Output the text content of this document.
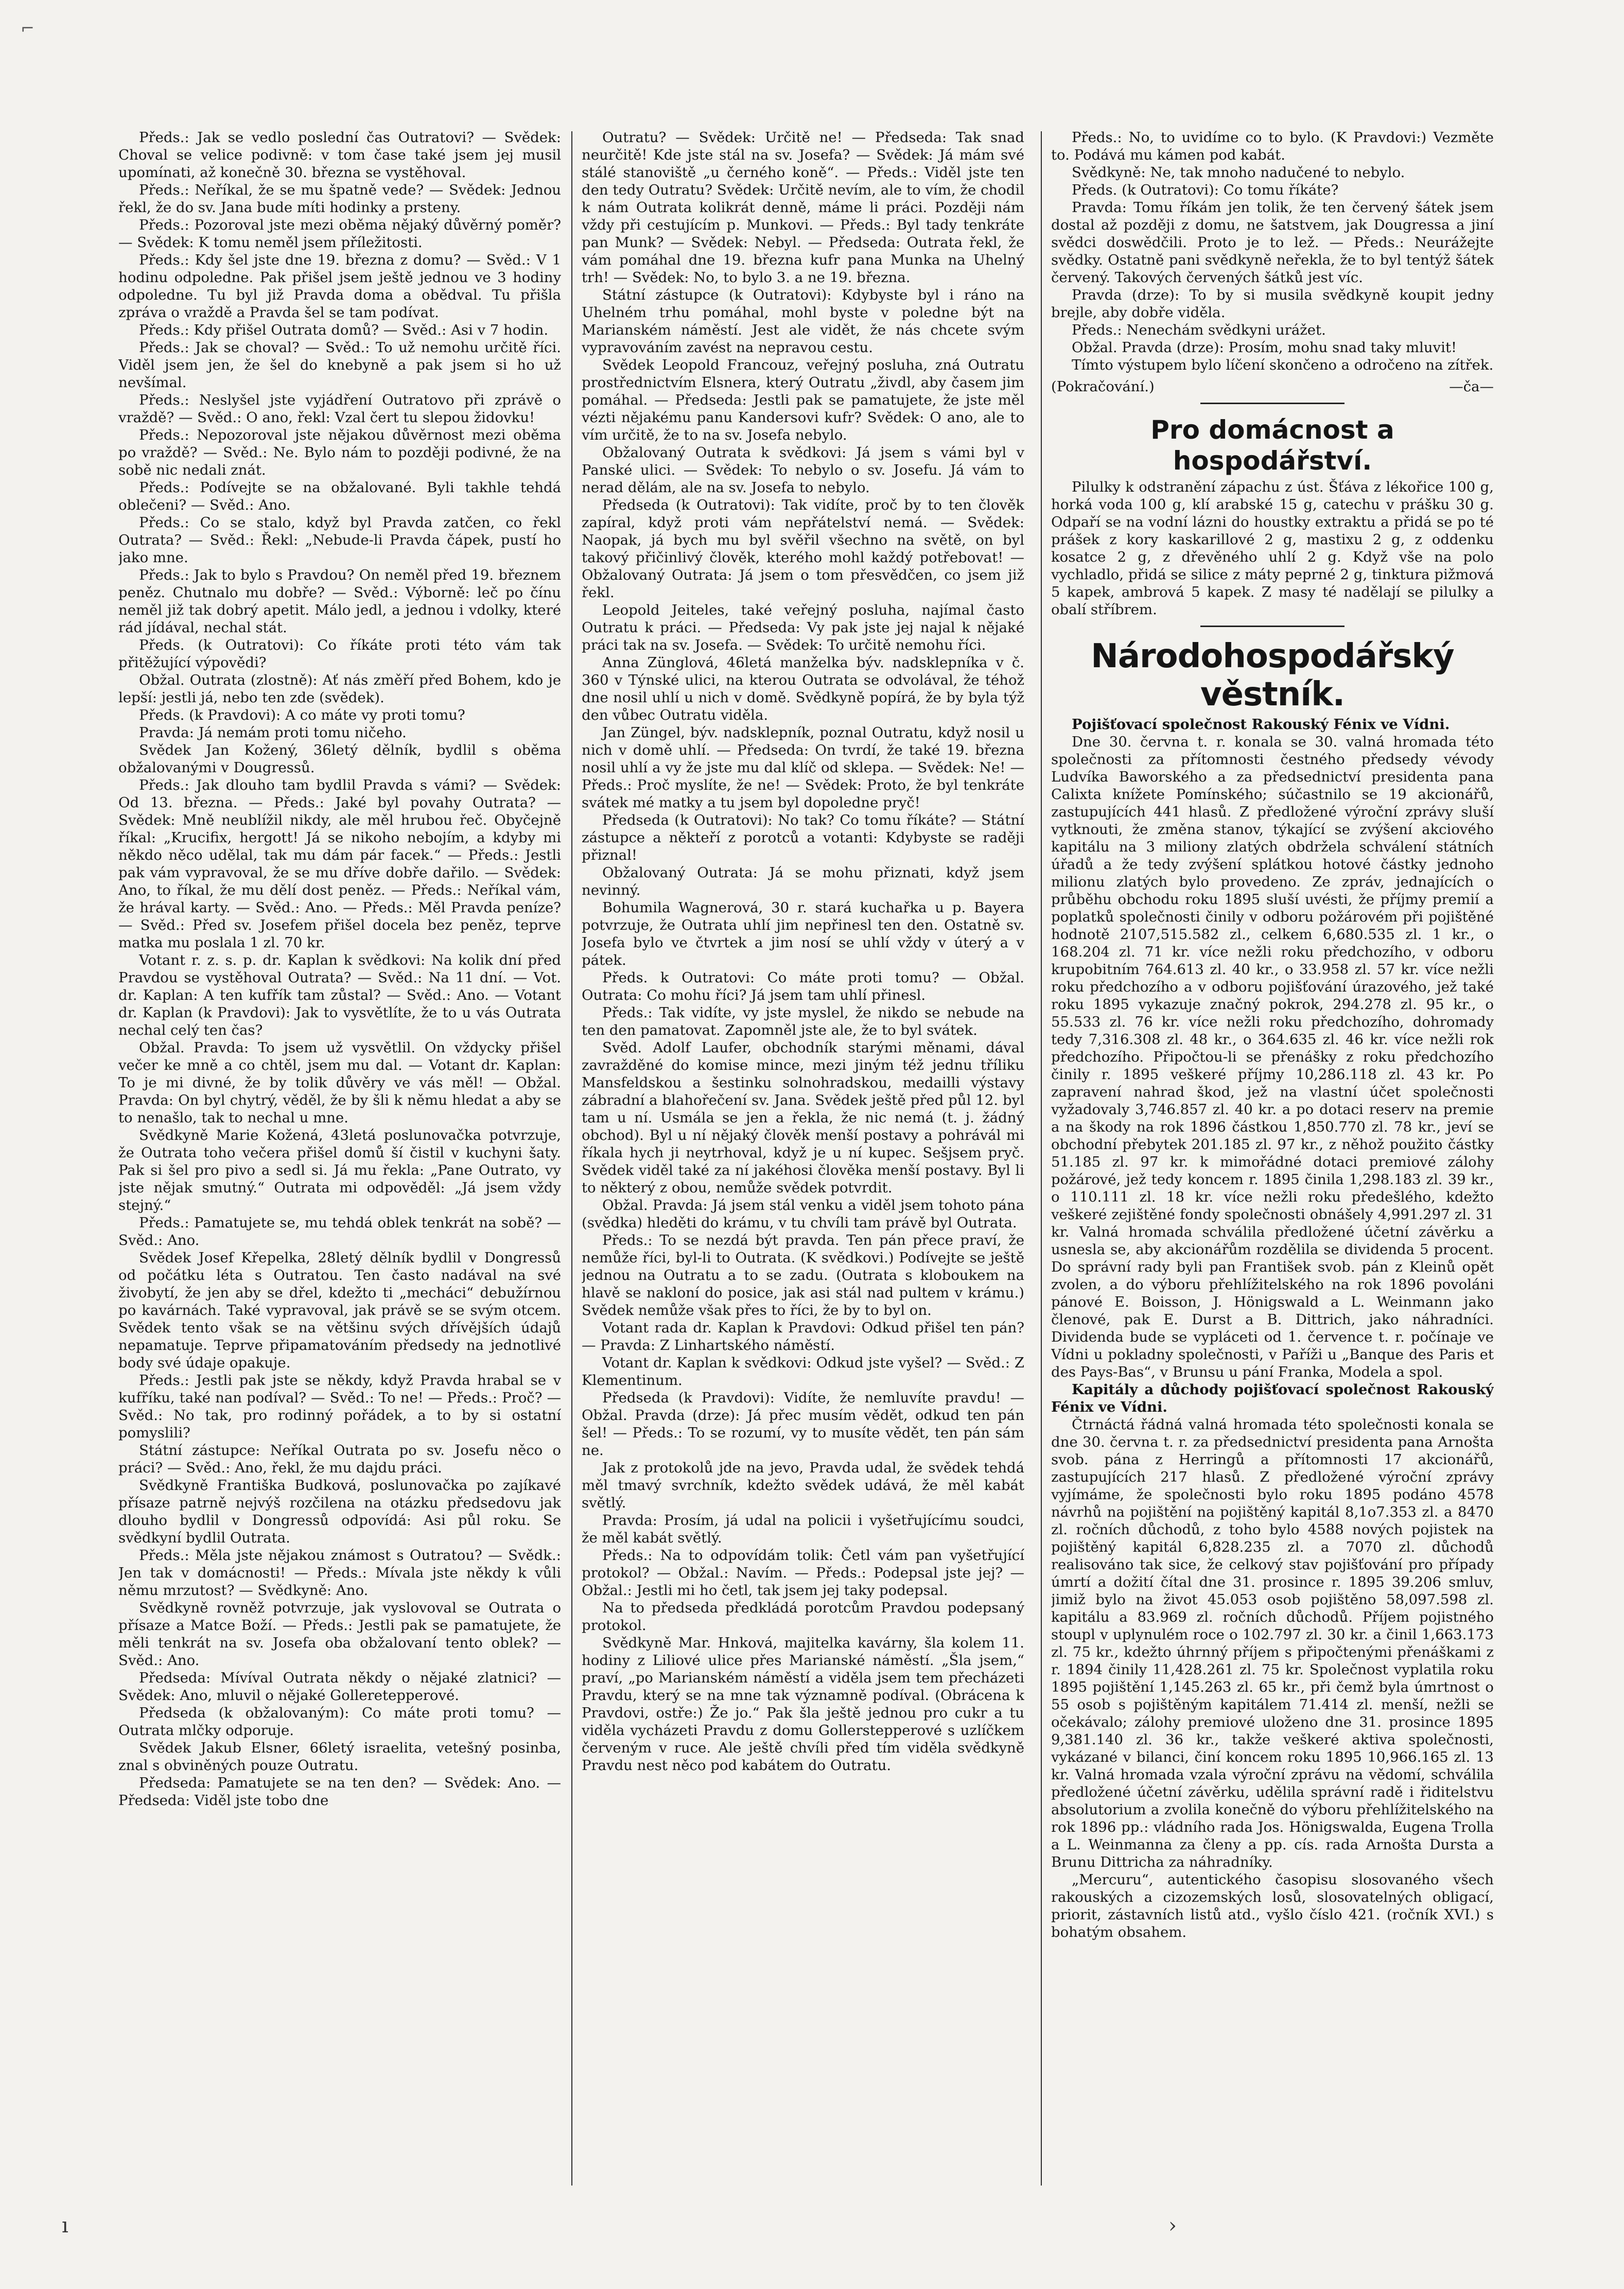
⌐

Předs.: Jak se vedlo poslední čas Outratovi? — Svědek: Choval se velice podivně: v tom čase také jsem jej musil upomínati, až konečně 30. března se vystěhoval.

Předs.: Neříkal, že se mu špatně vede? — Svědek: Jednou řekl, že do sv. Jana bude míti hodinky a prsteny.

Předs.: Pozoroval jste mezi oběma nějaký důvěrný poměr? — Svědek: K tomu neměl jsem příležitosti.

Předs.: Kdy šel jste dne 19. března z domu? — Svěd.: V 1 hodinu odpoledne. Pak přišel jsem ještě jednou ve 3 hodiny odpoledne. Tu byl již Pravda doma a obědval. Tu přišla zpráva o vraždě a Pravda šel se tam podívat.

Předs.: Kdy přišel Outrata domů? — Svěd.: Asi v 7 hodin.

Předs.: Jak se choval? — Svěd.: To už nemohu určitě říci. Viděl jsem jen, že šel do knebyně a pak jsem si ho už nevšímal.

Předs.: Neslyšel jste vyjádření Outratovo při zprávě o vraždě? — Svěd.: O ano, řekl: Vzal čert tu slepou židovku!

Předs.: Nepozoroval jste nějakou důvěrnost mezi oběma po vraždě? — Svěd.: Ne. Bylo nám to později podivné, že na sobě nic nedali znát.

Předs.: Podívejte se na obžalované. Byli takhle tehdá oblečeni? — Svěd.: Ano.

Předs.: Co se stalo, když byl Pravda zatčen, co řekl Outrata? — Svěd.: Řekl: „Nebude-li Pravda čápek, pustí ho jako mne.

Předs.: Jak to bylo s Pravdou? On neměl před 19. březnem peněz. Chutnalo mu dobře? — Svěd.: Výborně: leč po čínu neměl již tak dobrý apetit. Málo jedl, a jednou i vdolky, které rád jídával, nechal stát.

Předs. (k Outratovi): Co říkáte proti této vám tak přitěžující výpovědi?

Obžal. Outrata (zlostně): Ať nás změří před Bohem, kdo je lepší: jestli já, nebo ten zde (svědek).

Předs. (k Pravdovi): A co máte vy proti tomu?

Pravda: Já nemám proti tomu ničeho.

Svědek Jan Kožený, 36letý dělník, bydlil s oběma obžalovanými v Dougressů.

Předs.: Jak dlouho tam bydlil Pravda s vámi? — Svědek: Od 13. března. — Předs.: Jaké byl povahy Outrata? — Svědek: Mně neublížil nikdy, ale měl hrubou řeč. Obyčejně říkal: „Kruciﬁx, hergott! Já se nikoho nebojím, a kdyby mi někdo něco udělal, tak mu dám pár facek.“ — Předs.: Jestli pak vám vypravoval, že se mu dříve dobře dařilo. — Svědek: Ano, to říkal, že mu dělí dost peněz. — Předs.: Neříkal vám, že hrával karty. — Svěd.: Ano. — Předs.: Měl Pravda peníze? — Svěd.: Před sv. Josefem přišel docela bez peněz, teprve matka mu poslala 1 zl. 70 kr.

Votant r. z. s. p. dr. Kaplan k svědkovi: Na kolik dní před Pravdou se vystěhoval Outrata? — Svěd.: Na 11 dní. — Vot. dr. Kaplan: A ten kufřík tam zůstal? — Svěd.: Ano. — Votant dr. Kaplan (k Pravdovi): Jak to vysvětlíte, že to u vás Outrata nechal celý ten čas?

Obžal. Pravda: To jsem už vysvětlil. On vždycky přišel večer ke mně a co chtěl, jsem mu dal. — Votant dr. Kaplan: To je mi divné, že by tolik důvěry ve vás měl! — Obžal. Pravda: On byl chytrý, věděl, že by šli k němu hledat a aby se to nenašlo, tak to nechal u mne.

Svědkyně Marie Kožená, 43letá poslunovačka potvrzuje, že Outrata toho večera přišel domů ší čistil v kuchyni šaty. Pak si šel pro pivo a sedl si. Já mu řekla: „Pane Outrato, vy jste nějak smutný.“ Outrata mi odpověděl: „Já jsem vždy stejný.“

Předs.: Pamatujete se, mu tehdá oblek tenkrát na sobě? — Svěd.: Ano.

Svědek Josef Křepelka, 28letý dělník bydlil v Dongressů od počátku léta s Outratou. Ten často nadával na své živobytí, že jen aby se dřel, kdežto ti „mecháci“ debužírnou po kavárnách. Také vypravoval, jak právě se se svým otcem. Svědek tento však se na většinu svých dřívějších údajů nepamatuje. Teprve připamatováním předsedy na jednotlivé body své údaje opakuje.

Předs.: Jestli pak jste se někdy, když Pravda hrabal se v kufříku, také nan podíval? — Svěd.: To ne! — Předs.: Proč? — Svěd.: No tak, pro rodinný pořádek, a to by si ostatní pomyslili?

Státní zástupce: Neříkal Outrata po sv. Josefu něco o práci? — Svěd.: Ano, řekl, že mu dajdu práci.

Svědkyně Františka Budková, poslunovačka po zajíkavé přísaze patrně nejvýš rozčilena na otázku předsedovu jak dlouho bydlil v Dongressů odpovídá: Asi půl roku. Se svědkyní bydlil Outrata.

Předs.: Měla jste nějakou známost s Outratou? — Svědk.: Jen tak v domácnosti! — Předs.: Mívala jste někdy k vůli němu mrzutost? — Svědkyně: Ano.

Svědkyně rovněž potvrzuje, jak vyslovoval se Outrata o přísaze a Matce Boží. — Předs.: Jestli pak se pamatujete, že měli tenkrát na sv. Josefa oba obžalovaní tento oblek? — Svěd.: Ano.

Předseda: Mívíval Outrata někdy o nějaké zlatnici? — Svědek: Ano, mluvil o nějaké Golleretepperové.

Předseda (k obžalovaným): Co máte proti tomu? — Outrata mlčky odporuje.

Svědek Jakub Elsner, 66letý israelita, vetešný posinba, znal s obviněných pouze Outratu.

Předseda: Pamatujete se na ten den? — Svědek: Ano. — Předseda: Viděl jste tobo dne

Outratu? — Svědek: Určitě ne! — Předseda: Tak snad neurčitě! Kde jste stál na sv. Josefa? — Svědek: Já mám své stálé stanoviště „u černého koně“. — Předs.: Viděl jste ten den tedy Outratu? Svědek: Určitě nevím, ale to vím, že chodil k nám Outrata kolikrát denně, máme li práci. Později nám vždy při cestujícím p. Munkovi. — Předs.: Byl tady tenkráte pan Munk? — Svědek: Nebyl. — Předseda: Outrata řekl, že vám pomáhal dne 19. března kufr pana Munka na Uhelný trh! — Svědek: No, to bylo 3. a ne 19. března.

Státní zástupce (k Outratovi): Kdybyste byl i ráno na Uhelném trhu pomáhal, mohl byste v poledne být na Marianském náměstí. Jest ale vidět, že nás chcete svým vypravováním zavést na nepravou cestu.

Svědek Leopold Francouz, veřejný posluha, zná Outratu prostřednictvím Elsnera, který Outratu „živdl, aby časem jim pomáhal. — Předseda: Jestli pak se pamatujete, že jste měl vézti nějakému panu Kandersovi kufr? Svědek: O ano, ale to vím určitě, že to na sv. Josefa nebylo.

Obžalovaný Outrata k svědkovi: Já jsem s vámi byl v Panské ulici. — Svědek: To nebylo o sv. Josefu. Já vám to nerad dělám, ale na sv. Josefa to nebylo.

Předseda (k Outratovi): Tak vidíte, proč by to ten člověk zapíral, když proti vám nepřátelství nemá. — Svědek: Naopak, já bych mu byl svěřil všechno na světě, on byl takový přičinlivý člověk, kterého mohl každý potřebovat! — Obžalovaný Outrata: Já jsem o tom přesvědčen, co jsem již řekl.

Leopold Jeiteles, také veřejný posluha, najímal často Outratu k práci. — Předseda: Vy pak jste jej najal k nějaké práci tak na sv. Josefa. — Svědek: To určitě nemohu říci.

Anna Zünglová, 46letá manželka býv. nadsklepníka v č. 360 v Týnské ulici, na kterou Outrata se odvolával, že téhož dne nosil uhlí u nich v domě. Svědkyně popírá, že by byla týž den vůbec Outratu viděla.

Jan Züngel, býv. nadsklepník, poznal Outratu, když nosil u nich v domě uhlí. — Předseda: On tvrdí, že také 19. března nosil uhlí a vy že jste mu dal klíč od sklepa. — Svědek: Ne! — Předs.: Proč myslíte, že ne! — Svědek: Proto, že byl tenkráte svátek mé matky a tu jsem byl dopoledne pryč!

Předseda (k Outratovi): No tak? Co tomu říkáte? — Státní zástupce a někteří z porotců a votanti: Kdybyste se raději přiznal!

Obžalovaný Outrata: Já se mohu přiznati, když jsem nevinný.

Bohumila Wagnerová, 30 r. stará kuchařka u p. Bayera potvrzuje, že Outrata uhlí jim nepřinesl ten den. Ostatně sv. Josefa bylo ve čtvrtek a jim nosí se uhlí vždy v úterý a v pátek.

Předs. k Outratovi: Co máte proti tomu? — Obžal. Outrata: Co mohu říci? Já jsem tam uhlí přinesl.

Předs.: Tak vidíte, vy jste myslel, že nikdo se nebude na ten den pamatovat. Zapomněl jste ale, že to byl svátek.

Svěd. Adolf Laufer, obchodník starými měnami, dával zavražděné do komise mince, mezi jiným též jednu tříliku Mansfeldskou a šestinku solnohradskou, medailli výstavy zábradní a blahořečení sv. Jana. Svědek ještě před půl 12. byl tam u ní. Usmála se jen a řekla, že nic nemá (t. j. žádný obchod). Byl u ní nějaký člověk menší postavy a pohrávál mi říkala hych ji neytrhoval, když je u ní kupec. Sešjsem pryč. Svědek viděl také za ní jakéhosi člověka menší postavy. Byl li to některý z obou, nemůže svědek potvrdit.

Obžal. Pravda: Já jsem stál venku a viděl jsem tohoto pána (svědka) hleděti do krámu, v tu chvíli tam právě byl Outrata.

Předs.: To se nezdá být pravda. Ten pán přece praví, že nemůže říci, byl-li to Outrata. (K svědkovi.) Podívejte se ještě jednou na Outratu a to se zadu. (Outrata s kloboukem na hlavě se nakloní do posice, jak asi stál nad pultem v krámu.) Svědek nemůže však přes to říci, že by to byl on.

Votant rada dr. Kaplan k Pravdovi: Odkud přišel ten pán? — Pravda: Z Linhartského náměstí.

Votant dr. Kaplan k svědkovi: Odkud jste vyšel? — Svěd.: Z Klementinum.

Předseda (k Pravdovi): Vidíte, že nemluvíte pravdu! — Obžal. Pravda (drze): Já přec musím vědět, odkud ten pán šel! — Předs.: To se rozumí, vy to musíte vědět, ten pán sám ne.

Jak z protokolů jde na jevo, Pravda udal, že svědek tehdá měl tmavý svrchník, kdežto svědek udává, že měl kabát světlý.

Pravda: Prosím, já udal na policii i vyšetřujícímu soudci, že měl kabát světlý.

Předs.: Na to odpovídám tolik: Četl vám pan vyšetřující protokol? — Obžal.: Navím. — Předs.: Podepsal jste jej? — Obžal.: Jestli mi ho četl, tak jsem jej taky podepsal.

Na to předseda předkládá porotcům Pravdou podepsaný protokol.

Svědkyně Mar. Hnková, majitelka kavárny, šla kolem 11. hodiny z Liliové ulice přes Marianské náměstí. „Šla jsem,“ praví, „po Marianském náměstí a viděla jsem tem přecházeti Pravdu, který se na mne tak významně podíval. (Obrácena k Pravdovi, ostře:) Že jo.“ Pak šla ještě jednou pro cukr a tu viděla vycházeti Pravdu z domu Gollerstepperové s uzlíčkem červeným v ruce. Ale ještě chvíli před tím viděla svědkyně Pravdu nest něco pod kabátem do Outratu.

Předs.: No, to uvidíme co to bylo. (K Pravdovi:) Vezměte to. Podává mu kámen pod kabát.

Svědkyně: Ne, tak mnoho nadučené to nebylo.

Předs. (k Outratovi): Co tomu říkáte?

Pravda: Tomu říkám jen tolik, že ten červený šátek jsem dostal až později z domu, ne šatstvem, jak Dougressa a jiní svědci doswědčili. Proto je to lež. — Předs.: Neurážejte svědky. Ostatně pani svědkyně neřekla, že to byl tentýž šátek červený. Takových červených šátků jest víc.

Pravda (drze): To by si musila svědkyně koupit jedny brejle, aby dobře viděla.

Předs.: Nenechám svědkyni urážet.

Obžal. Pravda (drze): Prosím, mohu snad taky mluvit!

Tímto výstupem bylo líčení skončeno a odročeno na zítřek.

(Pokračování.)	—ča—
Pro domácnost a hospodářství.

Pilulky k odstranění zápachu z úst. Šťáva z lékořice 100 g, horká voda 100 g, klí arabské 15 g, catechu v prášku 30 g. Odpaří se na vodní lázni do houstky extraktu a přidá se po té prášek z kory kaskarillové 2 g, mastixu 2 g, z oddenku kosatce 2 g, z dřevěného uhlí 2 g. Když vše na polo vychladlo, přidá se silice z máty peprné 2 g, tinktura pižmová 5 kapek, ambrová 5 kapek. Z masy té nadělají se pilulky a obalí stříbrem.

Národohospodářský věstník.

Pojišťovací společnost Rakouský Fénix ve Vídni.

Dne 30. června t. r. konala se 30. valná hromada této společnosti za přítomnosti čestného předsedy vévody Ludvíka Baworského a za předsednictví presidenta pana Calixta knížete Pomínského; súčastnilo se 19 akcionářů, zastupujících 441 hlasů. Z předložené výroční zprávy sluší vytknouti, že změna stanov, týkající se zvýšení akciového kapitálu na 3 miliony zlatých obdržela schválení státních úřadů a že tedy zvýšení splátkou hotové částky jednoho milionu zlatých bylo provedeno. Ze zpráv, jednajících o průběhu obchodu roku 1895 sluší uvésti, že příjmy premií a poplatků společnosti činily v odboru požárovém při pojištěné hodnotě 2107,515.582 zl., celkem 6,680.535 zl. 1 kr., o 168.204 zl. 71 kr. více nežli roku předchozího, v odboru krupobitním 764.613 zl. 40 kr., o 33.958 zl. 57 kr. více nežli roku předchozího a v odboru pojišťování úrazového, jež také roku 1895 vykazuje značný pokrok, 294.278 zl. 95 kr., o 55.533 zl. 76 kr. více nežli roku předchozího, dohromady tedy 7,316.308 zl. 48 kr., o 364.635 zl. 46 kr. více nežli rok předchozího. Připočtou-li se přenášky z roku předchozího činily r. 1895 veškeré příjmy 10,286.118 zl. 43 kr. Po zapravení nahrad škod, jež na vlastní účet společnosti vyžadovaly 3,746.857 zl. 40 kr. a po dotaci reserv na premie a na škody na rok 1896 částkou 1,850.770 zl. 78 kr., jeví se obchodní přebytek 201.185 zl. 97 kr., z něhož použito částky 51.185 zl. 97 kr. k mimořádné dotaci premiové zálohy požárové, jež tedy koncem r. 1895 činila 1,298.183 zl. 39 kr., o 110.111 zl. 18 kr. více nežli roku předešlého, kdežto veškeré zejištěné fondy společnosti obnášely 4,991.297 zl. 31 kr. Valná hromada schválila předložené účetní závěrku a usnesla se, aby akcionářům rozdělila se dividenda 5 procent. Do správní rady byli pan František svob. pán z Kleinů opět zvolen, a do výboru přehlížitelského na rok 1896 povoláni pánové E. Boisson, J. Hönigswald a L. Weinmann jako členové, pak E. Durst a B. Dittrich, jako náhradníci. Dividenda bude se vypláceti od 1. července t. r. počínaje ve Vídni u pokladny společnosti, v Paříži u „Banque des Paris et des Pays-Bas“, v Brunsu u pání Franka, Modela a spol.

Kapitály a důchody pojišťovací společnost Rakouský Fénix ve Vídni.

Čtrnáctá řádná valná hromada této společnosti konala se dne 30. června t. r. za předsednictví presidenta pana Arnošta svob. pána z Herringů a přítomnosti 17 akcionářů, zastupujících 217 hlasů. Z předložené výroční zprávy vyjímáme, že společnosti bylo roku 1895 podáno 4578 návrhů na pojištění na pojištěný kapitál 8,1o7.353 zl. a 8470 zl. ročních důchodů, z toho bylo 4588 nových pojistek na pojištěný kapitál 6,828.235 zl. a 7070 zl. důchodů realisováno tak sice, že celkový stav pojišťování pro případy úmrtí a dožití čítal dne 31. prosince r. 1895 39.206 smluv, jimiž bylo na život 45.053 osob pojištěno 58,097.598 zl. kapitálu a 83.969 zl. ročních důchodů. Příjem pojistného stoupl v uplynulém roce o 102.797 zl. 30 kr. a činil 1,663.173 zl. 75 kr., kdežto úhrnný příjem s připočtenými přenáškami z r. 1894 činily 11,428.261 zl. 75 kr. Společnost vyplatila roku 1895 pojištění 1,145.263 zl. 65 kr., při čemž byla úmrtnost o 55 osob s pojištěným kapitálem 71.414 zl. menší, nežli se očekávalo; zálohy premiové uloženo dne 31. prosince 1895 9,381.140 zl. 36 kr., takže veškeré aktiva společnosti, vykázané v bilanci, činí koncem roku 1895 10,966.165 zl. 13 kr. Valná hromada vzala výroční zprávu na vědomí, schválila předložené účetní závěrku, udělila správní radě i řiditelstvu absolutorium a zvolila konečně do výboru přehlížitelského na rok 1896 pp.: vládního rada Jos. Hönigswalda, Eugena Trolla a L. Weinmanna za členy a pp. cís. rada Arnošta Dursta a Brunu Dittricha za náhradníky.

„Mercuru“, autentického časopisu slosovaného všech rakouských a cizozemských losů, slosovatelných obligací, priorit, zástavních listů atd., vyšlo číslo 421. (ročník XVI.) s bohatým obsahem.

ı	›
